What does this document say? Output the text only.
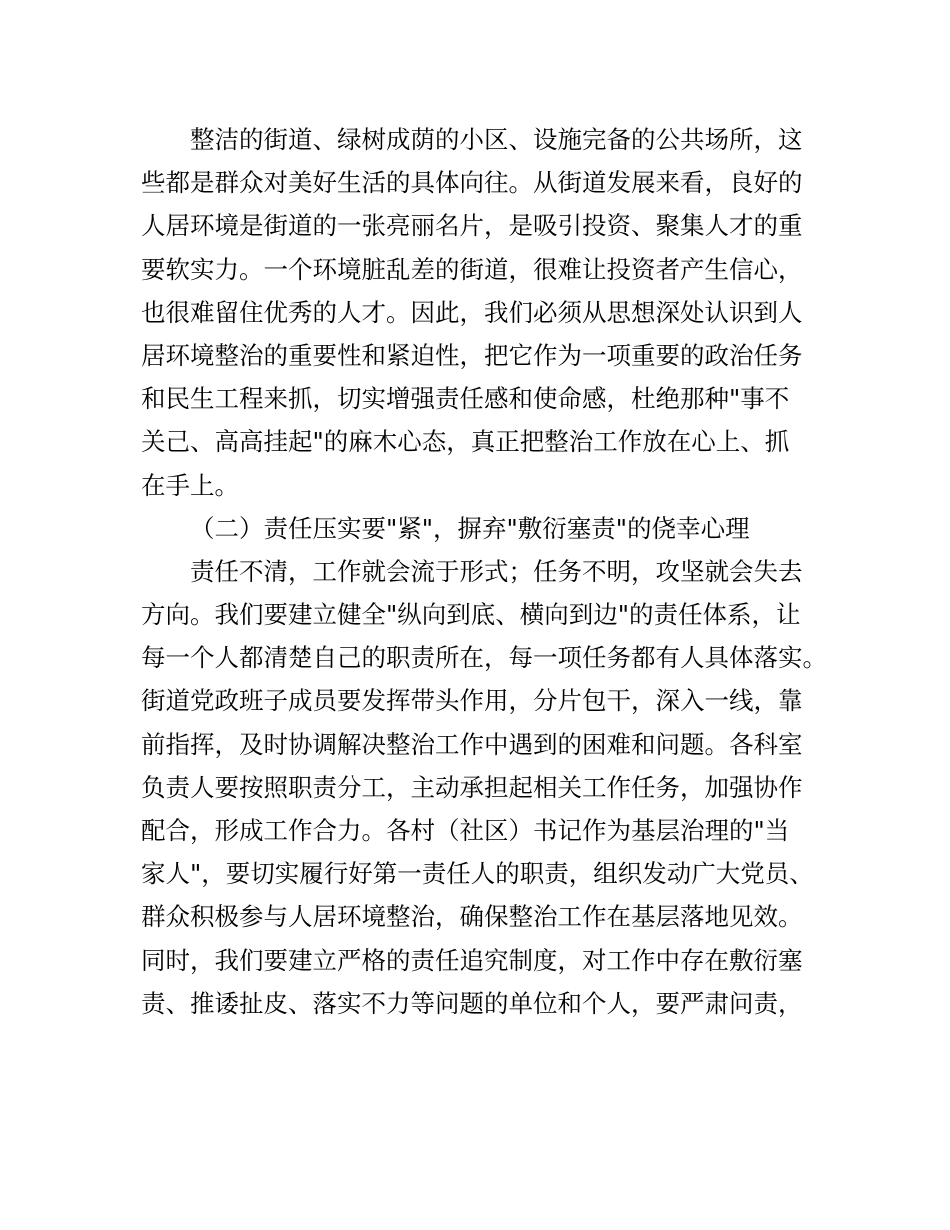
整洁的街道、绿树成荫的小区、设施完备的公共场所，这
些都是群众对美好生活的具体向往。从街道发展来看，良好的
人居环境是街道的一张亮丽名片，是吸引投资、聚集人才的重
要软实力。一个环境脏乱差的街道，很难让投资者产生信心，
也很难留住优秀的人才。因此，我们必须从思想深处认识到人
居环境整治的重要性和紧迫性，把它作为一项重要的政治任务
和民生工程来抓，切实增强责任感和使命感，杜绝那种"事不
关己、高高挂起"的麻木心态，真正把整治工作放在心上、抓
在手上。
（二）责任压实要"紧"，摒弃"敷衍塞责"的侥幸心理
责任不清，工作就会流于形式；任务不明，攻坚就会失去
方向。我们要建立健全"纵向到底、横向到边"的责任体系，让
每一个人都清楚自己的职责所在，每一项任务都有人具体落实。
街道党政班子成员要发挥带头作用，分片包干，深入一线，靠
前指挥，及时协调解决整治工作中遇到的困难和问题。各科室
负责人要按照职责分工，主动承担起相关工作任务，加强协作
配合，形成工作合力。各村（社区）书记作为基层治理的"当
家人"，要切实履行好第一责任人的职责，组织发动广大党员、
群众积极参与人居环境整治，确保整治工作在基层落地见效。
同时，我们要建立严格的责任追究制度，对工作中存在敷衍塞
责、推诿扯皮、落实不力等问题的单位和个人，要严肃问责，
